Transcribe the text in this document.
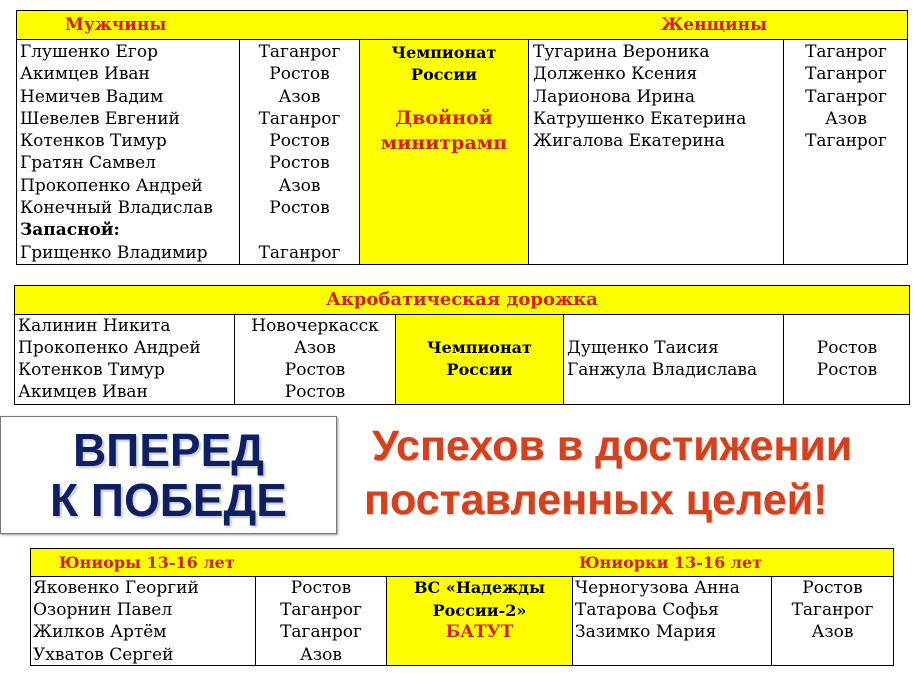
Мужчины	Женщины
Глушенко Егор
Акимцев Иван
Немичев Вадим
Шевелев Евгений
Котенков Тимур
Гратян Самвел
Прокопенко Андрей
Конечный Владислав
Запасной:
Грищенко Владимир
Таганрог
Ростов
Азов
Таганрог
Ростов
Ростов
Азов
Ростов

Таганрог
Чемпионат России
Двойной минитрамп
Тугарина Вероника
Долженко Ксения
Ларионова Ирина
Катрушенко Екатерина
Жигалова Екатерина
Таганрог
Таганрог
Таганрог
Азов
Таганрог
Акробатическая дорожка
Калинин Никита
Прокопенко Андрей
Котенков Тимур
Акимцев Иван
Новочеркасск
Азов
Ростов
Ростов
Чемпионат России
Дущенко Таисия
Ганжула Владислава
Ростов
Ростов
ВПЕРЕД
К ПОБЕДЕ
Успехов в достижении
поставленных целей!
Юниоры 13-16 лет	Юниорки 13-16 лет
Яковенко Георгий
Озорнин Павел
Жилков Артём
Ухватов Сергей
Ростов
Таганрог
Таганрог
Азов
ВС «Надежды России-2»
БАТУТ
Черногузова Анна
Татарова Софья
Зазимко Мария
Ростов
Таганрог
Азов
